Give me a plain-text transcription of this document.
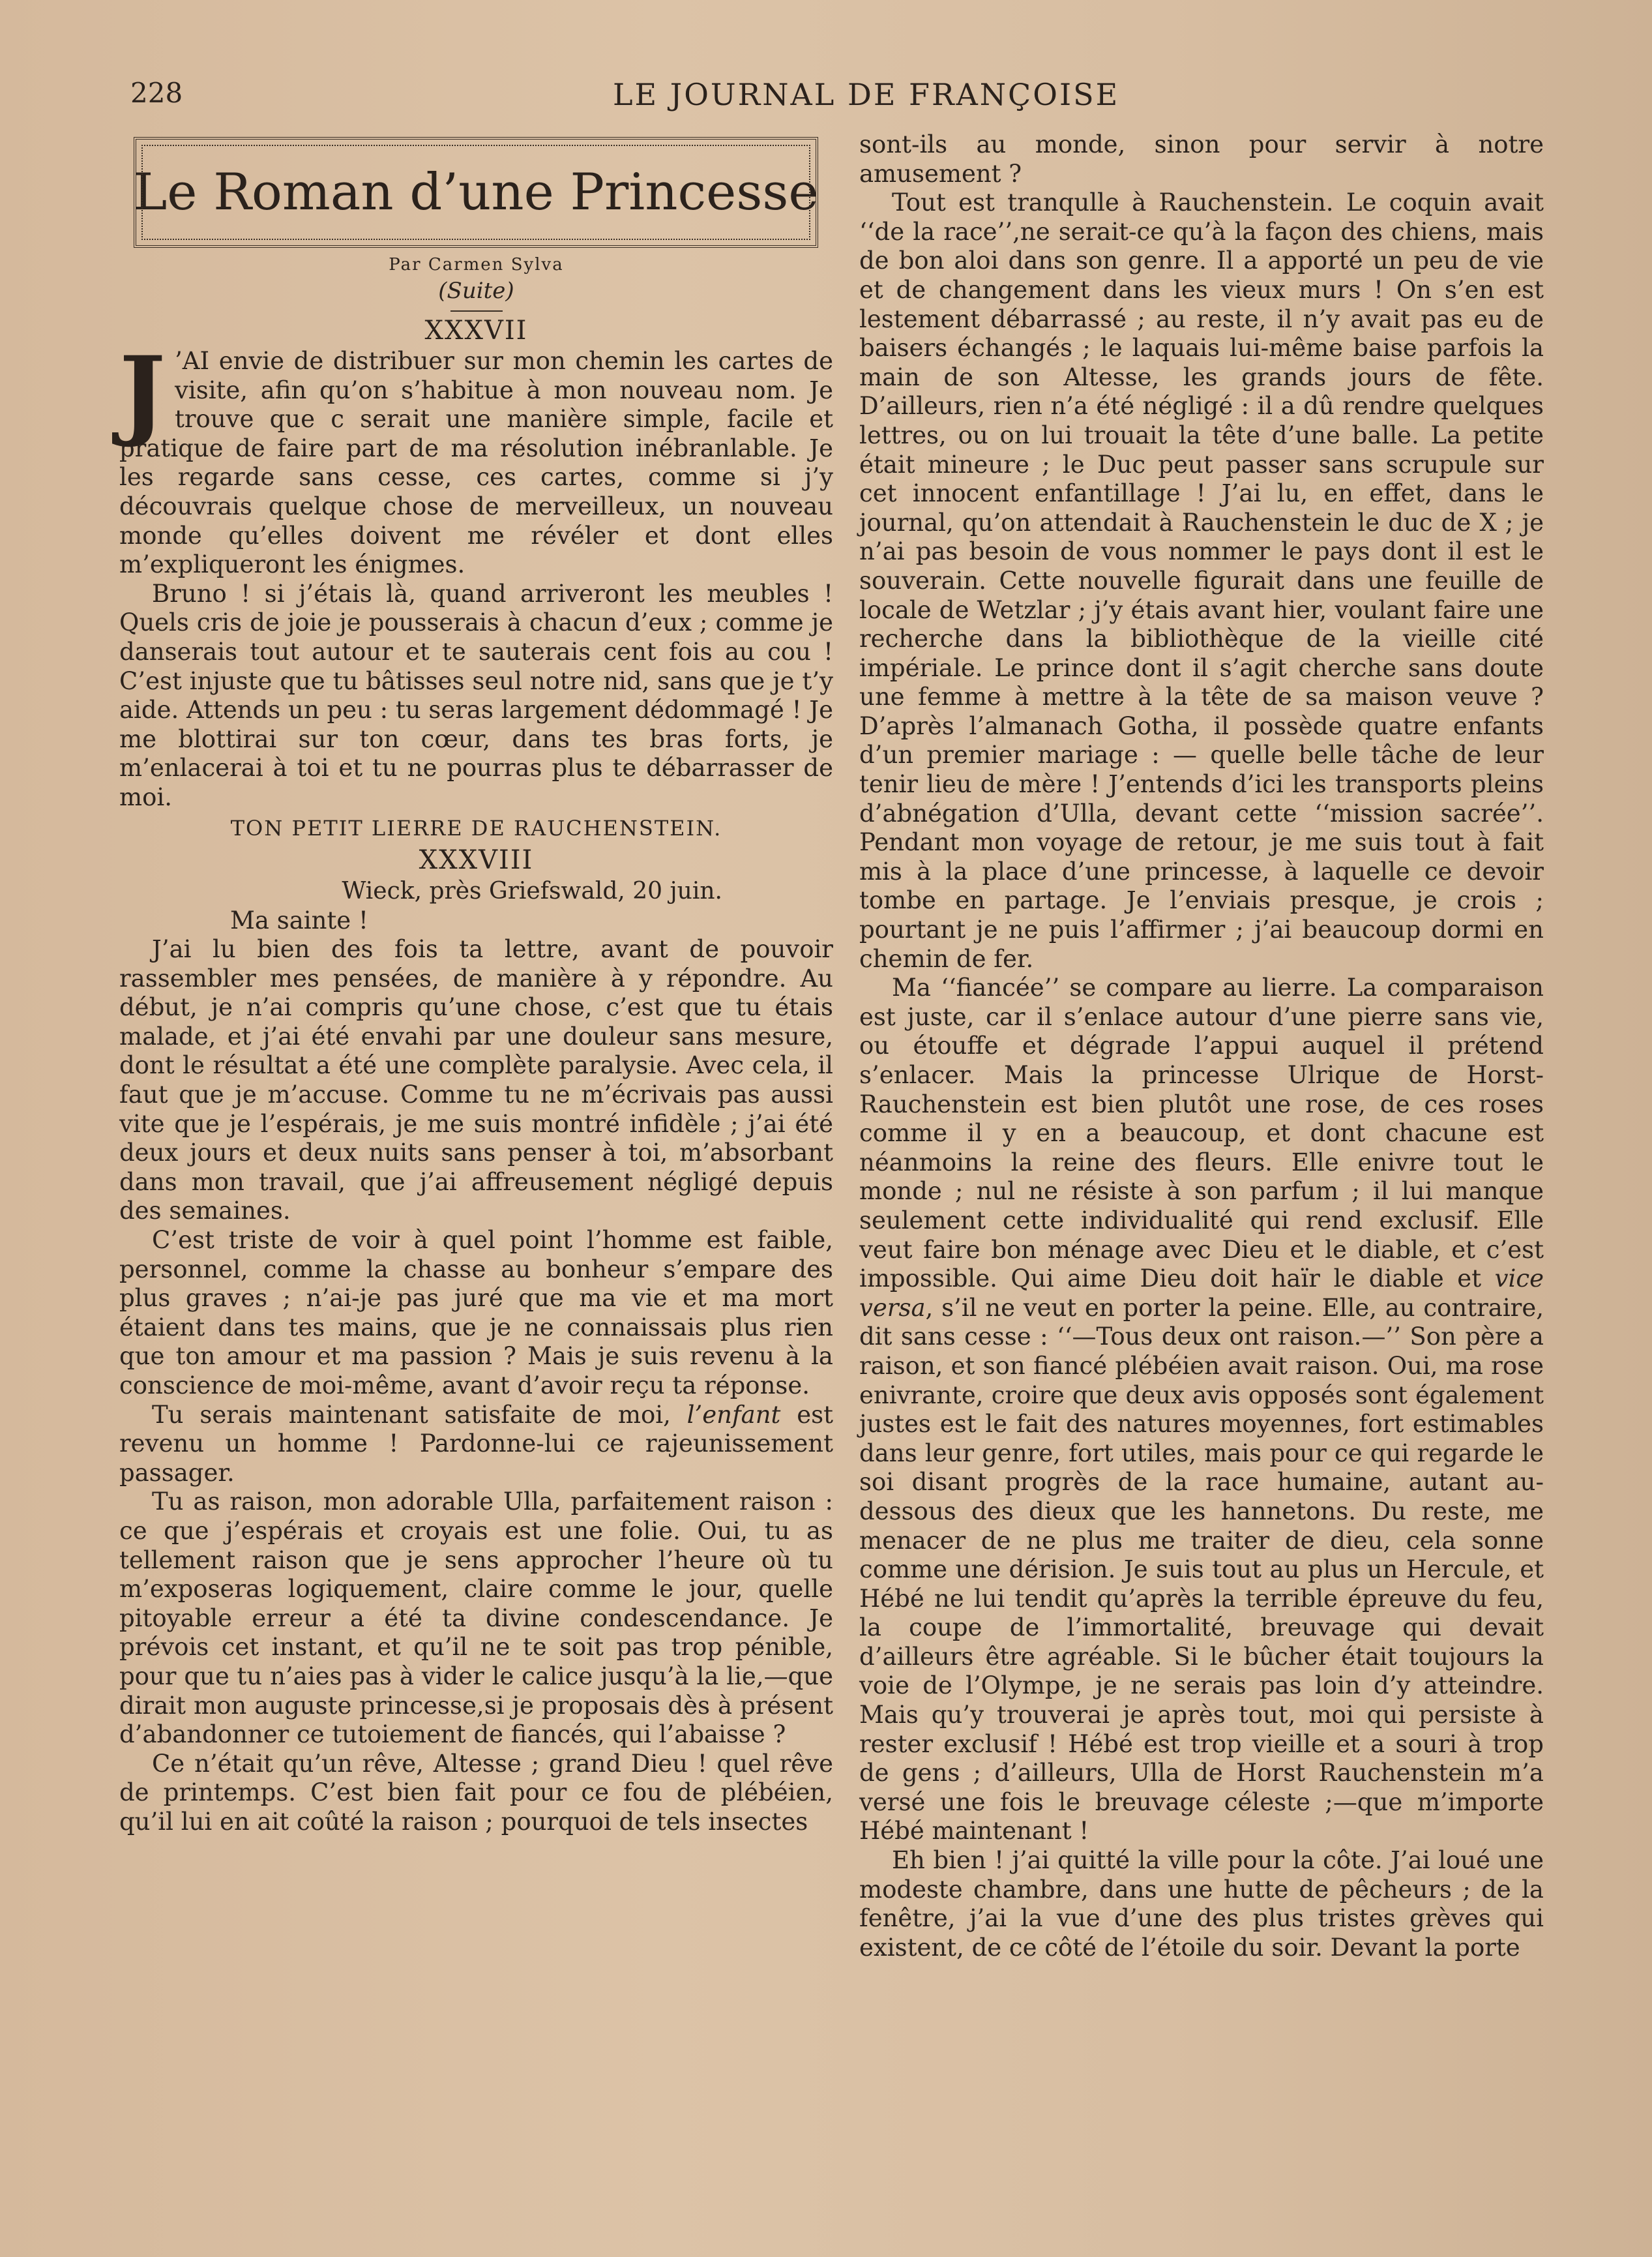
228	LE JOURNAL DE FRANÇOISE
Le Roman d’une Princesse
Par Carmen Sylva
(Suite)
XXXVII

J ’AI envie de distribuer sur mon chemin les cartes de visite, afin qu’on s’habitue à mon nouveau nom. Je trouve que c serait une manière simple, facile et pratique de faire part de ma résolution inébranlable. Je les regarde sans cesse, ces cartes, comme si j’y découvrais quelque chose de merveilleux, un nouveau monde qu’elles doivent me révéler et dont elles m’expliqueront les énigmes.

Bruno ! si j’étais là, quand arriveront les meubles ! Quels cris de joie je pousserais à chacun d’eux ; comme je danserais tout autour et te sauterais cent fois au cou ! C’est injuste que tu bâtisses seul notre nid, sans que je t’y aide. Attends un peu : tu seras largement dédommagé ! Je me blottirai sur ton cœur, dans tes bras forts, je m’enlacerai à toi et tu ne pourras plus te débarrasser de moi.

TON PETIT LIERRE DE RAUCHENSTEIN.
XXXVIII
Wieck, près Griefswald, 20 juin.

Ma sainte !

J’ai lu bien des fois ta lettre, avant de pouvoir rassembler mes pensées, de manière à y répondre. Au début, je n’ai compris qu’une chose, c’est que tu étais malade, et j’ai été envahi par une douleur sans mesure, dont le résultat a été une complète paralysie. Avec cela, il faut que je m’accuse. Comme tu ne m’écrivais pas aussi vite que je l’espérais, je me suis montré infidèle ; j’ai été deux jours et deux nuits sans penser à toi, m’absorbant dans mon travail, que j’ai affreusement négligé depuis des semaines.

C’est triste de voir à quel point l’homme est faible, personnel, comme la chasse au bonheur s’empare des plus graves ; n’ai-je pas juré que ma vie et ma mort étaient dans tes mains, que je ne connaissais plus rien que ton amour et ma passion ? Mais je suis revenu à la conscience de moi-même, avant d’avoir reçu ta réponse.

Tu serais maintenant satisfaite de moi, l’enfant est revenu un homme ! Pardonne-lui ce rajeunissement passager.

Tu as raison, mon adorable Ulla, parfaitement raison : ce que j’espérais et croyais est une folie. Oui, tu as tellement raison que je sens approcher l’heure où tu m’exposeras logiquement, claire comme le jour, quelle pitoyable erreur a été ta divine condescendance. Je prévois cet instant, et qu’il ne te soit pas trop pénible, pour que tu n’aies pas à vider le calice jusqu’à la lie,—que dirait mon auguste princesse,si je proposais dès à présent d’abandonner ce tutoiement de fiancés, qui l’abaisse ?

Ce n’était qu’un rêve, Altesse ; grand Dieu ! quel rêve de printemps. C’est bien fait pour ce fou de plébéien, qu’il lui en ait coûté la raison ; pourquoi de tels insectes

sont-ils au monde, sinon pour servir à notre amusement ?

Tout est tranqulle à Rauchenstein. Le coquin avait ‘‘de la race’’,ne serait-ce qu’à la façon des chiens, mais de bon aloi dans son genre. Il a apporté un peu de vie et de changement dans les vieux murs ! On s’en est lestement débarrassé ; au reste, il n’y avait pas eu de baisers échangés ; le laquais lui-même baise parfois la main de son Altesse, les grands jours de fête. D’ailleurs, rien n’a été négligé : il a dû rendre quelques lettres, ou on lui trouait la tête d’une balle. La petite était mineure ; le Duc peut passer sans scrupule sur cet innocent enfantillage ! J’ai lu, en effet, dans le journal, qu’on attendait à Rauchenstein le duc de X ; je n’ai pas besoin de vous nommer le pays dont il est le souverain. Cette nouvelle figurait dans une feuille de locale de Wetzlar ; j’y étais avant hier, voulant faire une recherche dans la bibliothèque de la vieille cité impériale. Le prince dont il s’agit cherche sans doute une femme à mettre à la tête de sa maison veuve ? D’après l’almanach Gotha, il possède quatre enfants d’un premier mariage : — quelle belle tâche de leur tenir lieu de mère ! J’entends d’ici les transports pleins d’abnégation d’Ulla, devant cette ‘‘mission sacrée’’. Pendant mon voyage de retour, je me suis tout à fait mis à la place d’une princesse, à laquelle ce devoir tombe en partage. Je l’enviais presque, je crois ; pourtant je ne puis l’affirmer ; j’ai beaucoup dormi en chemin de fer.

Ma ‘‘fiancée’’ se compare au lierre. La comparaison est juste, car il s’enlace autour d’une pierre sans vie, ou étouffe et dégrade l’appui auquel il prétend s’enlacer. Mais la princesse Ulrique de Horst-Rauchenstein est bien plutôt une rose, de ces roses comme il y en a beaucoup, et dont chacune est néanmoins la reine des fleurs. Elle enivre tout le monde ; nul ne résiste à son parfum ; il lui manque seulement cette individualité qui rend exclusif. Elle veut faire bon ménage avec Dieu et le diable, et c’est impossible. Qui aime Dieu doit haïr le diable et vice versa, s’il ne veut en porter la peine. Elle, au contraire, dit sans cesse : ‘‘—Tous deux ont raison.—’’ Son père a raison, et son fiancé plébéien avait raison. Oui, ma rose enivrante, croire que deux avis opposés sont également justes est le fait des natures moyennes, fort estimables dans leur genre, fort utiles, mais pour ce qui regarde le soi disant progrès de la race humaine, autant au-dessous des dieux que les hannetons. Du reste, me menacer de ne plus me traiter de dieu, cela sonne comme une dérision. Je suis tout au plus un Hercule, et Hébé ne lui tendit qu’après la terrible épreuve du feu, la coupe de l’immortalité, breuvage qui devait d’ailleurs être agréable. Si le bûcher était toujours la voie de l’Olympe, je ne serais pas loin d’y atteindre. Mais qu’y trouverai je après tout, moi qui persiste à rester exclusif ! Hébé est trop vieille et a souri à trop de gens ; d’ailleurs, Ulla de Horst Rauchenstein m’a versé une fois le breuvage céleste ;—que m’importe Hébé maintenant !

Eh bien ! j’ai quitté la ville pour la côte. J’ai loué une modeste chambre, dans une hutte de pêcheurs ; de la fenêtre, j’ai la vue d’une des plus tristes grèves qui existent, de ce côté de l’étoile du soir. Devant la porte
